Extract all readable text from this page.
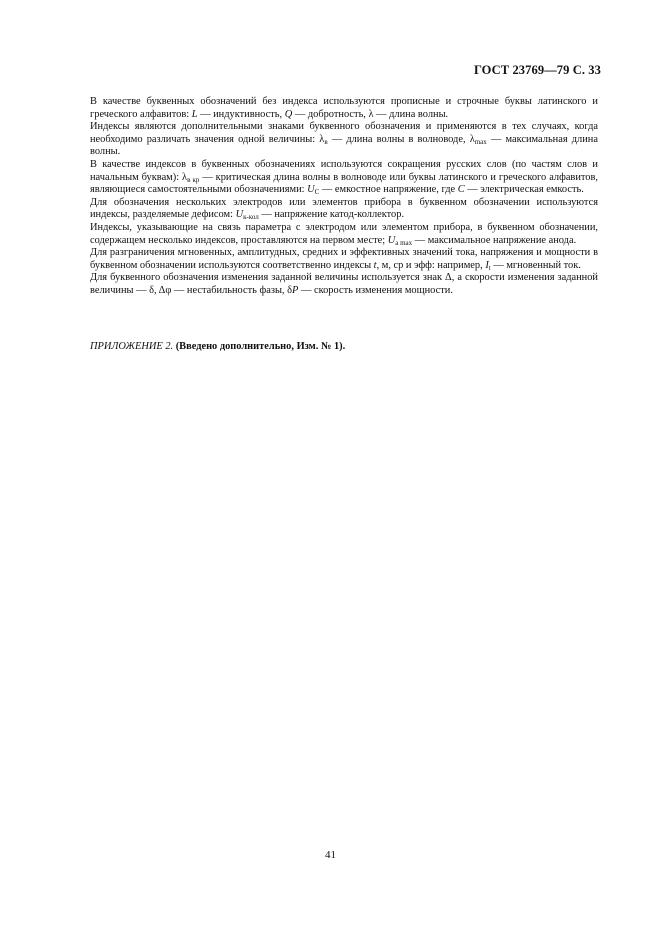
ГОСТ 23769—79 С. 33

В качестве буквенных обозначений без индекса используются прописные и строчные буквы латинского и греческого алфавитов: L — индуктивность, Q — добротность, λ — длина волны.

Индексы являются дополнительными знаками буквенного обозначения и применяются в тех случаях, когда необходимо различать значения одной величины: $\lambda_в$ — длина волны в волноводе, $\lambda_{max}$ — максимальная длина волны.

В качестве индексов в буквенных обозначениях используются сокращения русских слов (по частям слов и начальным буквам): $\lambda_{в кр}$ — критическая длина волны в волноводе или буквы латинского и греческого алфавитов, являющиеся самостоятельными обозначениями: $U_C$ — емкостное напряжение, где C — электрическая емкость.

Для обозначения нескольких электродов или элементов прибора в буквенном обозначении используются индексы, разделяемые дефисом: $U_{к-кол}$ — напряжение катод-коллектор.

Индексы, указывающие на связь параметра с электродом или элементом прибора, в буквенном обозначении, содержащем несколько индексов, проставляются на первом месте; $U_{а max}$ — максимальное напряжение анода.

Для разграничения мгновенных, амплитудных, средних и эффективных значений тока, напряжения и мощности в буквенном обозначении используются соответственно индексы t, м, ср и эфф: например, $I_t$ — мгновенный ток.

Для буквенного обозначения изменения заданной величины используется знак Δ, а скорости изменения заданной величины — δ, Δφ — нестабильность фазы, δP — скорость изменения мощности.

ПРИЛОЖЕНИЕ 2. (Введено дополнительно, Изм. № 1).
41
